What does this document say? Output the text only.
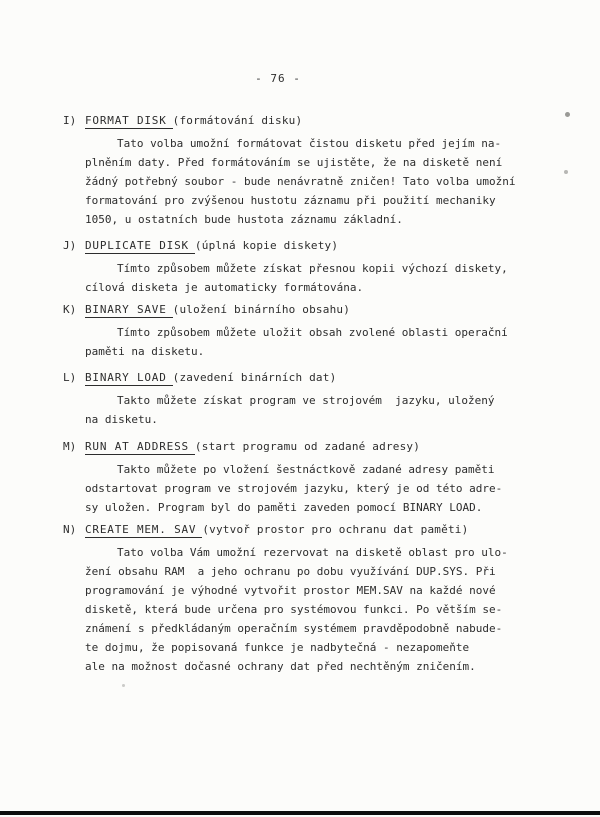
- 76 -
I) FORMAT DISK (formátování disku)
Tato volba umožní formátovat čistou disketu před jejím na-
plněním daty. Před formátováním se ujistěte, že na disketě není
žádný potřebný soubor - bude nenávratně zničen! Tato volba umožní
formatování pro zvýšenou hustotu záznamu při použití mechaniky
1050, u ostatních bude hustota záznamu základní.
J) DUPLICATE DISK (úplná kopie diskety)
Tímto způsobem můžete získat přesnou kopii výchozí diskety,
cílová disketa je automaticky formátována.
K) BINARY SAVE (uložení binárního obsahu)
Tímto způsobem můžete uložit obsah zvolené oblasti operační
paměti na disketu.
L) BINARY LOAD (zavedení binárních dat)
Takto můžete získat program ve strojovém  jazyku, uložený
na disketu.
M) RUN AT ADDRESS (start programu od zadané adresy)
Takto můžete po vložení šestnáctkově zadané adresy paměti
odstartovat program ve strojovém jazyku, který je od této adre-
sy uložen. Program byl do paměti zaveden pomocí BINARY LOAD.
N) CREATE MEM. SAV (vytvoř prostor pro ochranu dat paměti)
Tato volba Vám umožní rezervovat na disketě oblast pro ulo-
žení obsahu RAM  a jeho ochranu po dobu využívání DUP.SYS. Při
programování je výhodné vytvořit prostor MEM.SAV na každé nové
disketě, která bude určena pro systémovou funkci. Po větším se-
známení s předkládaným operačním systémem pravděpodobně nabude-
te dojmu, že popisovaná funkce je nadbytečná - nezapomeňte
ale na možnost dočasné ochrany dat před nechtěným zničením.
